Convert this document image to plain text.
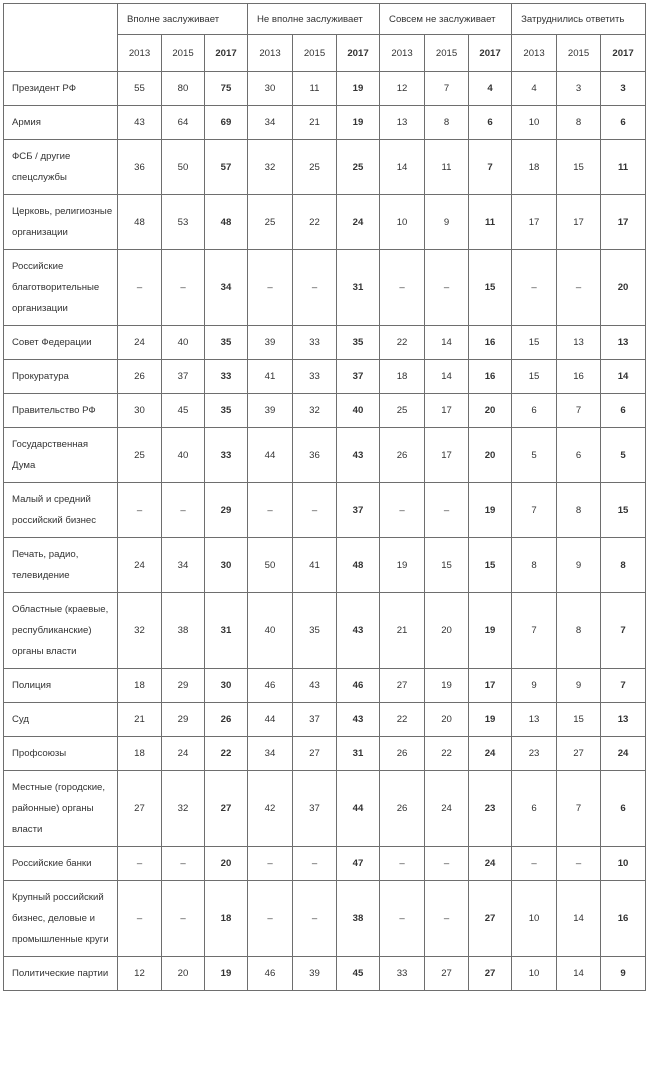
	Вполне заслуживает			Не вполне заслуживает			Совсем не заслуживает			Затруднились ответить		
	2013	2015	2017	2013	2015	2017	2013	2015	2017	2013	2015	2017
Президент РФ	55	80	75	30	11	19	12	7	4	4	3	3
Армия	43	64	69	34	21	19	13	8	6	10	8	6
ФСБ / другие спецслужбы	36	50	57	32	25	25	14	11	7	18	15	11
Церковь, религиозные организации	48	53	48	25	22	24	10	9	11	17	17	17
Российские благотворительные организации	–	–	34	–	–	31	–	–	15	–	–	20
Совет Федерации	24	40	35	39	33	35	22	14	16	15	13	13
Прокуратура	26	37	33	41	33	37	18	14	16	15	16	14
Правительство РФ	30	45	35	39	32	40	25	17	20	6	7	6
Государственная Дума	25	40	33	44	36	43	26	17	20	5	6	5
Малый и средний российский бизнес	–	–	29	–	–	37	–	–	19	7	8	15
Печать, радио, телевидение	24	34	30	50	41	48	19	15	15	8	9	8
Областные (краевые, республиканские) органы власти	32	38	31	40	35	43	21	20	19	7	8	7
Полиция	18	29	30	46	43	46	27	19	17	9	9	7
Суд	21	29	26	44	37	43	22	20	19	13	15	13
Профсоюзы	18	24	22	34	27	31	26	22	24	23	27	24
Местные (городские, районные) органы власти	27	32	27	42	37	44	26	24	23	6	7	6
Российские банки	–	–	20	–	–	47	–	–	24	–	–	10
Крупный российский бизнес, деловые и промышленные круги	–	–	18	–	–	38	–	–	27	10	14	16
Политические партии	12	20	19	46	39	45	33	27	27	10	14	9
